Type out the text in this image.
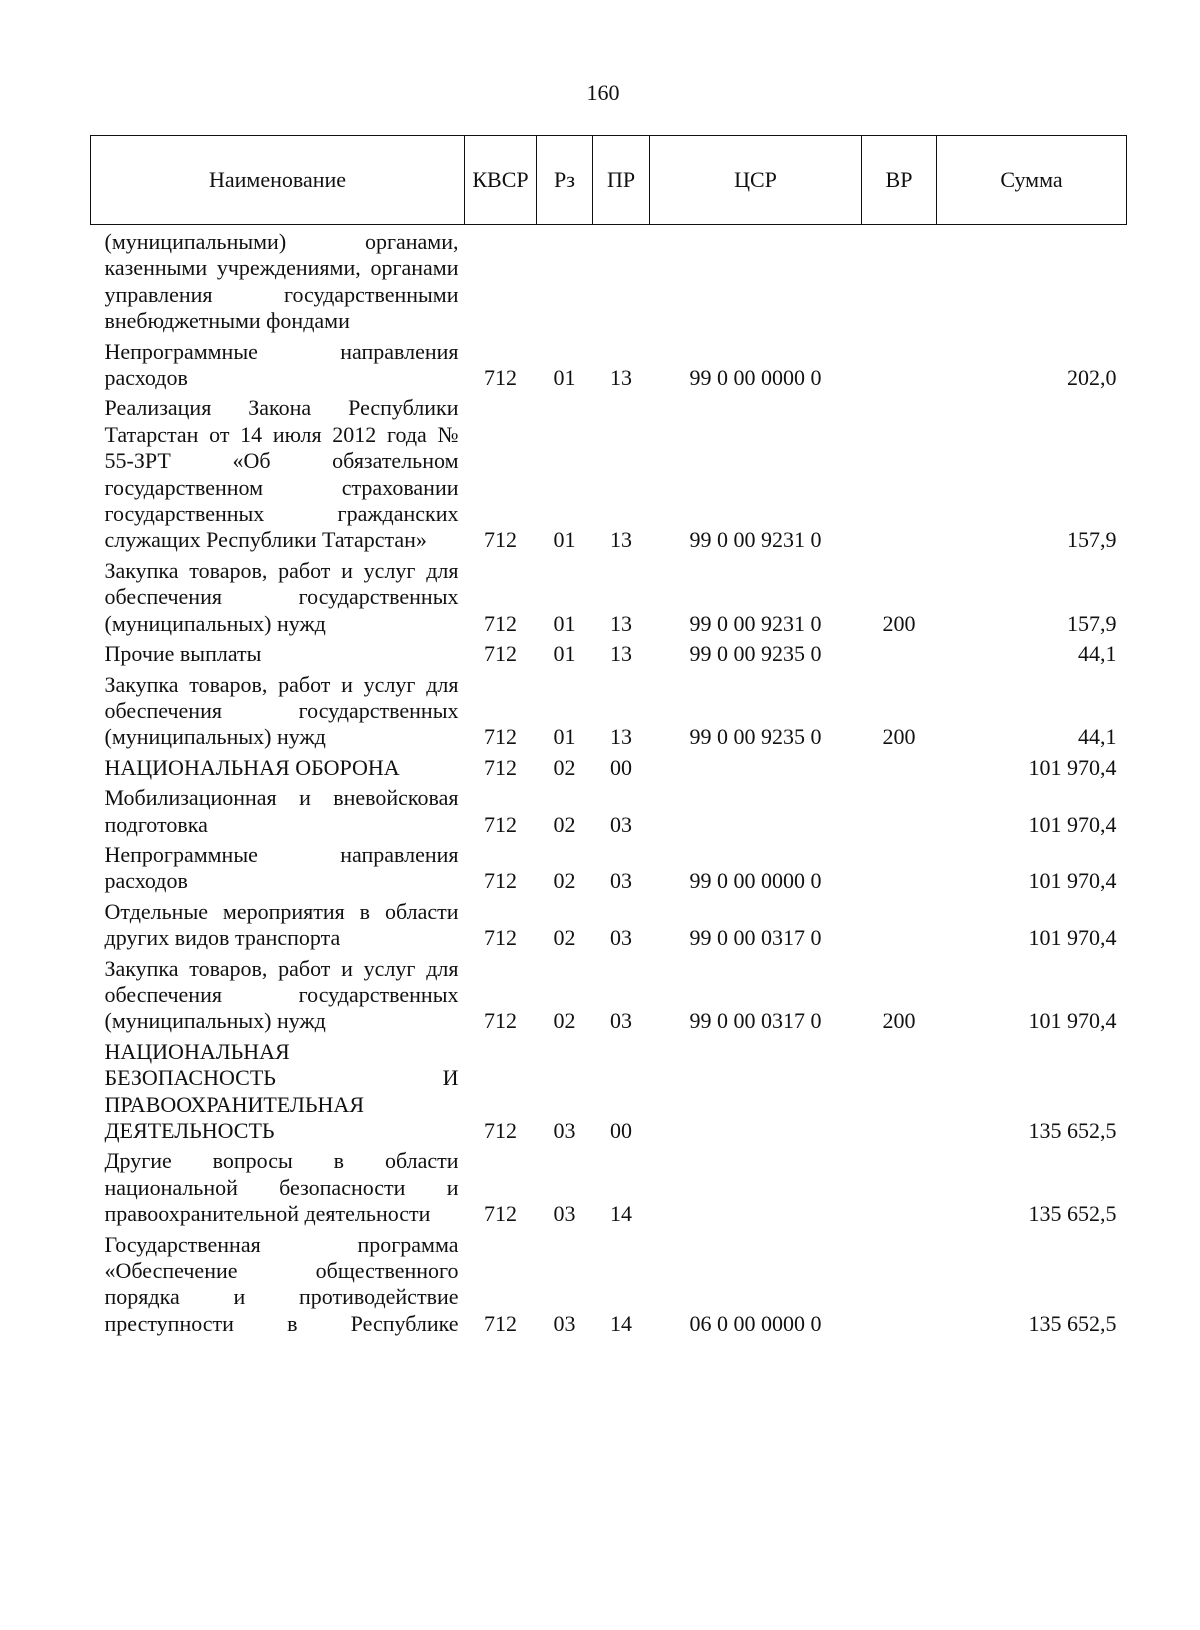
160
Наименование	КВСР	Рз	ПР	ЦСР	ВР	Сумма
(муниципальными) органами, казенными учреждениями, органами управления государственными внебюджетными фондами						
Непрограммные направления расходов	712	01	13	99 0 00 0000 0		202,0
Реализация Закона Республики Татарстан от 14 июля 2012 года № 55-ЗРТ «Об обязательном государственном страховании государственных гражданских служащих Республики Татарстан»	712	01	13	99 0 00 9231 0		157,9
Закупка товаров, работ и услуг для обеспечения государственных (муниципальных) нужд	712	01	13	99 0 00 9231 0	200	157,9
Прочие выплаты	712	01	13	99 0 00 9235 0		44,1
Закупка товаров, работ и услуг для обеспечения государственных (муниципальных) нужд	712	01	13	99 0 00 9235 0	200	44,1
НАЦИОНАЛЬНАЯ ОБОРОНА	712	02	00			101 970,4
Мобилизационная и вневойсковая подготовка	712	02	03			101 970,4
Непрограммные направления расходов	712	02	03	99 0 00 0000 0		101 970,4
Отдельные мероприятия в области других видов транспорта	712	02	03	99 0 00 0317 0		101 970,4
Закупка товаров, работ и услуг для обеспечения государственных (муниципальных) нужд	712	02	03	99 0 00 0317 0	200	101 970,4
НАЦИОНАЛЬНАЯ БЕЗОПАСНОСТЬ И ПРАВООХРАНИТЕЛЬНАЯ ДЕЯТЕЛЬНОСТЬ	712	03	00			135 652,5
Другие вопросы в области национальной безопасности и правоохранительной деятельности	712	03	14			135 652,5
Государственная программа «Обеспечение общественного порядка и противодействие преступности в Республике	712	03	14	06 0 00 0000 0		135 652,5
